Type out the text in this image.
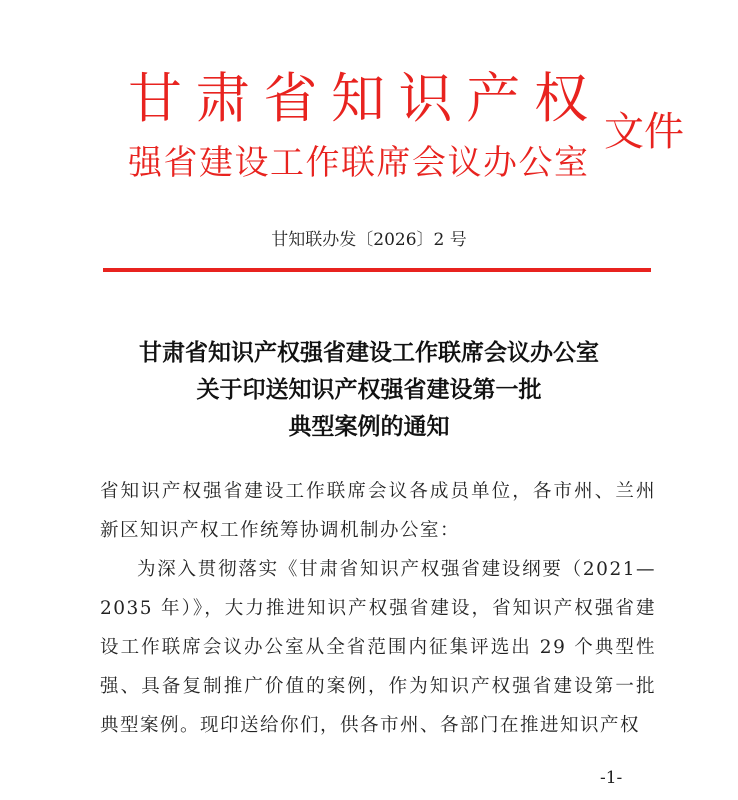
甘 肃 省 知 识 产 权
强 省 建 设 工 作 联 席 会 议 办 公 室
文件
甘知联办发〔2026〕2 号
甘肃省知识产权强省建设工作联席会议办公室
关于印送知识产权强省建设第一批
典型案例的通知

省知识产权强省建设工作联席会议各成员单位，各市州、兰州新区知识产权工作统筹协调机制办公室：

为深入贯彻落实《甘肃省知识产权强省建设纲要（2021—2035 年）》，大力推进知识产权强省建设，省知识产权强省建设工作联席会议办公室从全省范围内征集评选出 29 个典型性强、具备复制推广价值的案例，作为知识产权强省建设第一批典型案例。现印送给你们，供各市州、各部门在推进知识产权

-1-
